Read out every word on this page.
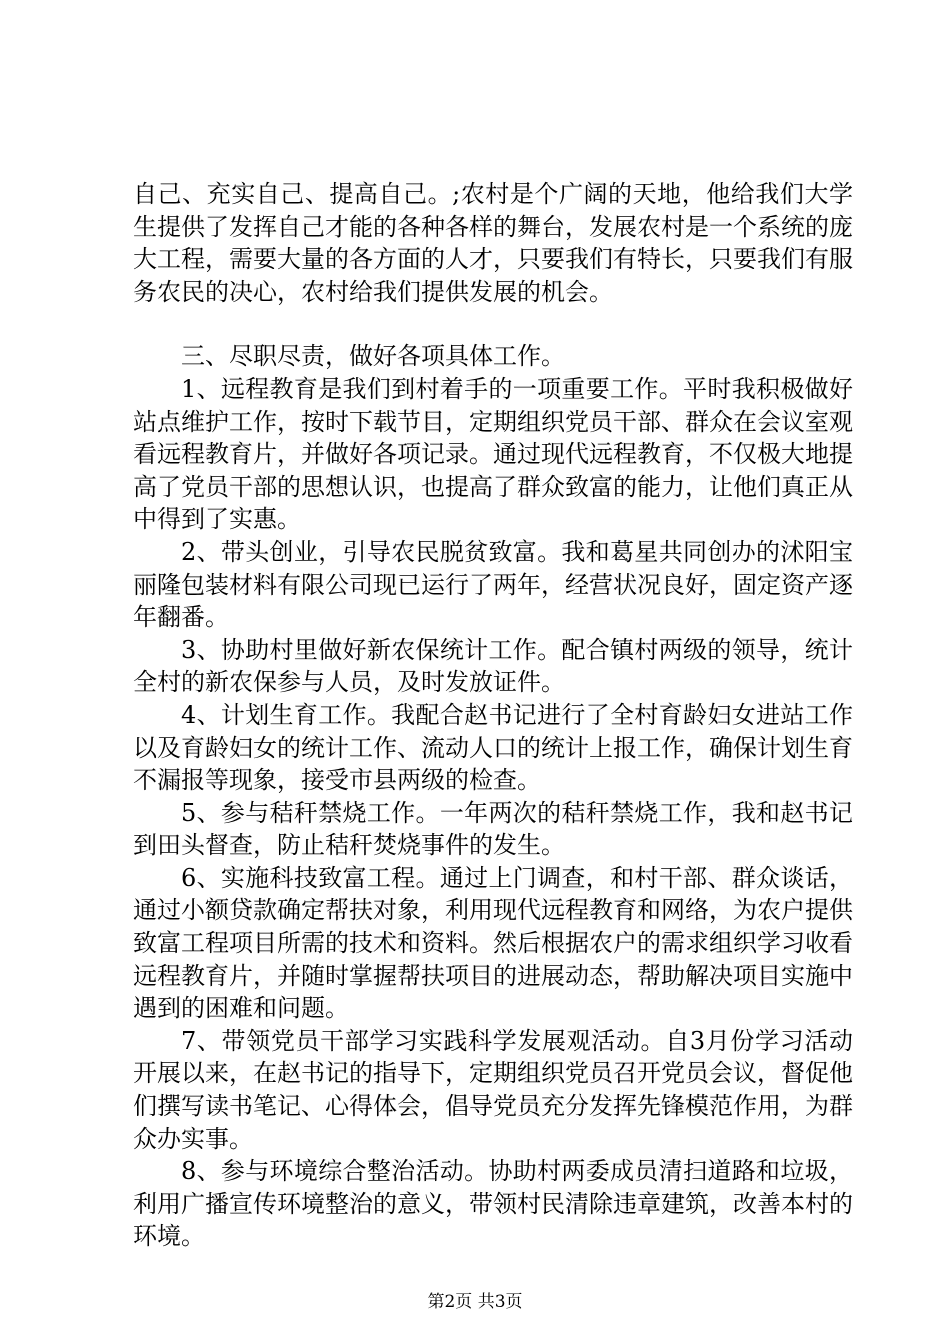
自己、充实自己、提高自己。;农村是个广阔的天地，他给我们大学生提供了发挥自己才能的各种各样的舞台，发展农村是一个系统的庞大工程，需要大量的各方面的人才，只要我们有特长，只要我们有服务农民的决心，农村给我们提供发展的机会。

三、尽职尽责，做好各项具体工作。

1、远程教育是我们到村着手的一项重要工作。平时我积极做好站点维护工作，按时下载节目，定期组织党员干部、群众在会议室观看远程教育片，并做好各项记录。通过现代远程教育，不仅极大地提高了党员干部的思想认识，也提高了群众致富的能力，让他们真正从中得到了实惠。

2、带头创业，引导农民脱贫致富。我和葛星共同创办的沭阳宝丽隆包装材料有限公司现已运行了两年，经营状况良好，固定资产逐年翻番。

3、协助村里做好新农保统计工作。配合镇村两级的领导，统计全村的新农保参与人员，及时发放证件。

4、计划生育工作。我配合赵书记进行了全村育龄妇女进站工作以及育龄妇女的统计工作、流动人口的统计上报工作，确保计划生育不漏报等现象，接受市县两级的检查。

5、参与秸秆禁烧工作。一年两次的秸秆禁烧工作，我和赵书记到田头督查，防止秸秆焚烧事件的发生。

6、实施科技致富工程。通过上门调查，和村干部、群众谈话，通过小额贷款确定帮扶对象，利用现代远程教育和网络，为农户提供致富工程项目所需的技术和资料。然后根据农户的需求组织学习收看远程教育片，并随时掌握帮扶项目的进展动态，帮助解决项目实施中遇到的困难和问题。

7、带领党员干部学习实践科学发展观活动。自3月份学习活动开展以来，在赵书记的指导下，定期组织党员召开党员会议，督促他们撰写读书笔记、心得体会，倡导党员充分发挥先锋模范作用，为群众办实事。

8、参与环境综合整治活动。协助村两委成员清扫道路和垃圾，利用广播宣传环境整治的意义，带领村民清除违章建筑，改善本村的环境。

第2页 共3页
